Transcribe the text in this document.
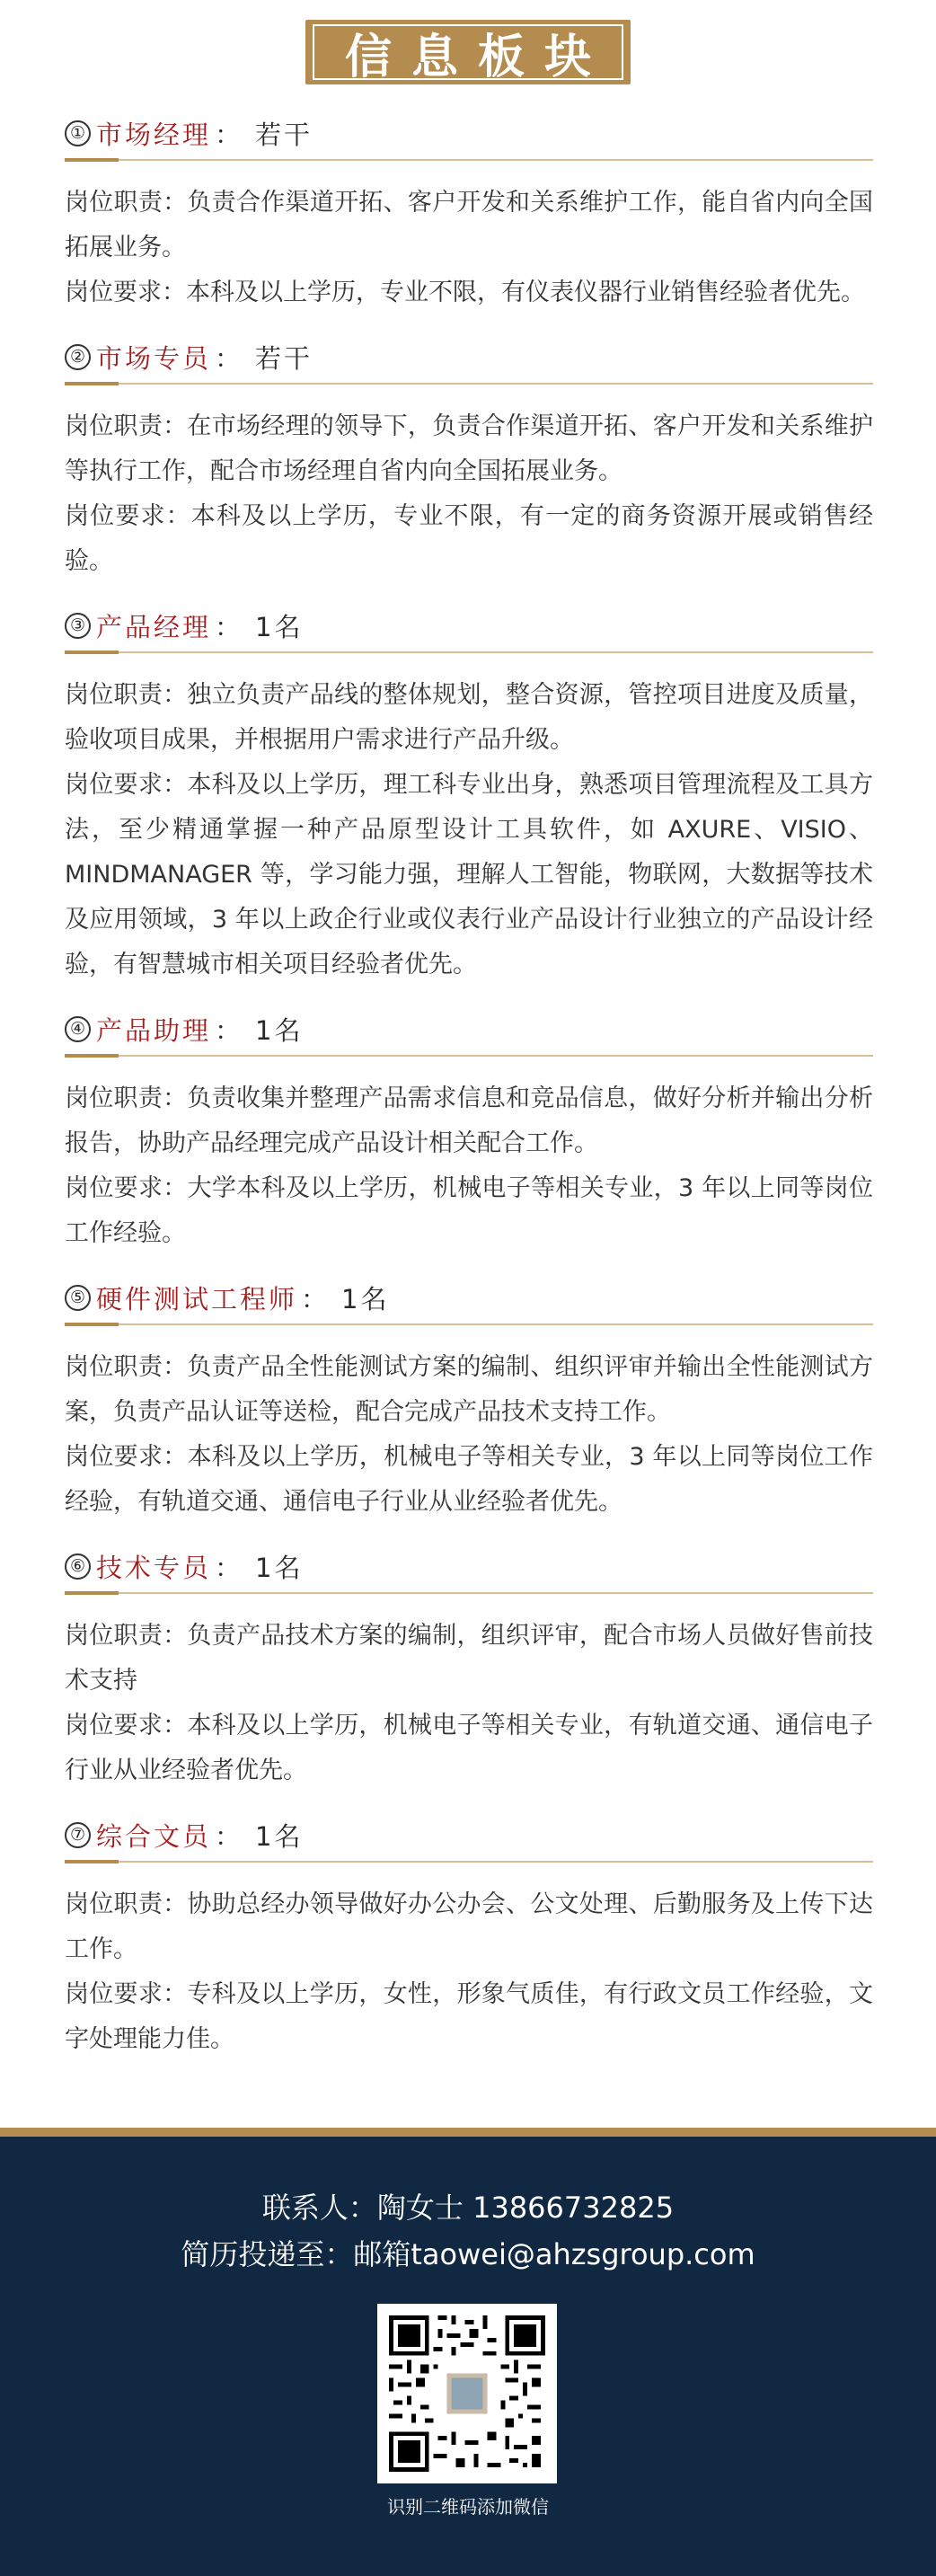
信息板块
① 市场经理 ： 若干

岗位职责：负责合作渠道开拓、客户开发和关系维护工作，能自省内向全国拓展业务。

岗位要求：本科及以上学历，专业不限，有仪表仪器行业销售经验者优先。

② 市场专员 ： 若干

岗位职责：在市场经理的领导下，负责合作渠道开拓、客户开发和关系维护等执行工作，配合市场经理自省内向全国拓展业务。

岗位要求：本科及以上学历，专业不限，有一定的商务资源开展或销售经验。

③ 产品经理 ： 1名

岗位职责：独立负责产品线的整体规划，整合资源，管控项目进度及质量，验收项目成果，并根据用户需求进行产品升级。

岗位要求：本科及以上学历，理工科专业出身，熟悉项目管理流程及工具方法，至少精通掌握一种产品原型设计工具软件，如 AXURE、VISIO、MINDMANAGER 等，学习能力强，理解人工智能，物联网，大数据等技术及应用领域，3 年以上政企行业或仪表行业产品设计行业独立的产品设计经验，有智慧城市相关项目经验者优先。

④ 产品助理 ： 1名

岗位职责：负责收集并整理产品需求信息和竞品信息，做好分析并输出分析报告，协助产品经理完成产品设计相关配合工作。

岗位要求：大学本科及以上学历，机械电子等相关专业，3 年以上同等岗位工作经验。

⑤ 硬件测试工程师 ： 1名

岗位职责：负责产品全性能测试方案的编制、组织评审并输出全性能测试方案，负责产品认证等送检，配合完成产品技术支持工作。

岗位要求：本科及以上学历，机械电子等相关专业，3 年以上同等岗位工作经验，有轨道交通、通信电子行业从业经验者优先。

⑥ 技术专员 ： 1名

岗位职责：负责产品技术方案的编制，组织评审，配合市场人员做好售前技术支持

岗位要求：本科及以上学历，机械电子等相关专业，有轨道交通、通信电子行业从业经验者优先。

⑦ 综合文员 ： 1名

岗位职责：协助总经办领导做好办公办会、公文处理、后勤服务及上传下达工作。

岗位要求：专科及以上学历，女性，形象气质佳，有行政文员工作经验，文字处理能力佳。

联系人：陶女士 13866732825
简历投递至：邮箱taowei@ahzsgroup.com
识别二维码添加微信
